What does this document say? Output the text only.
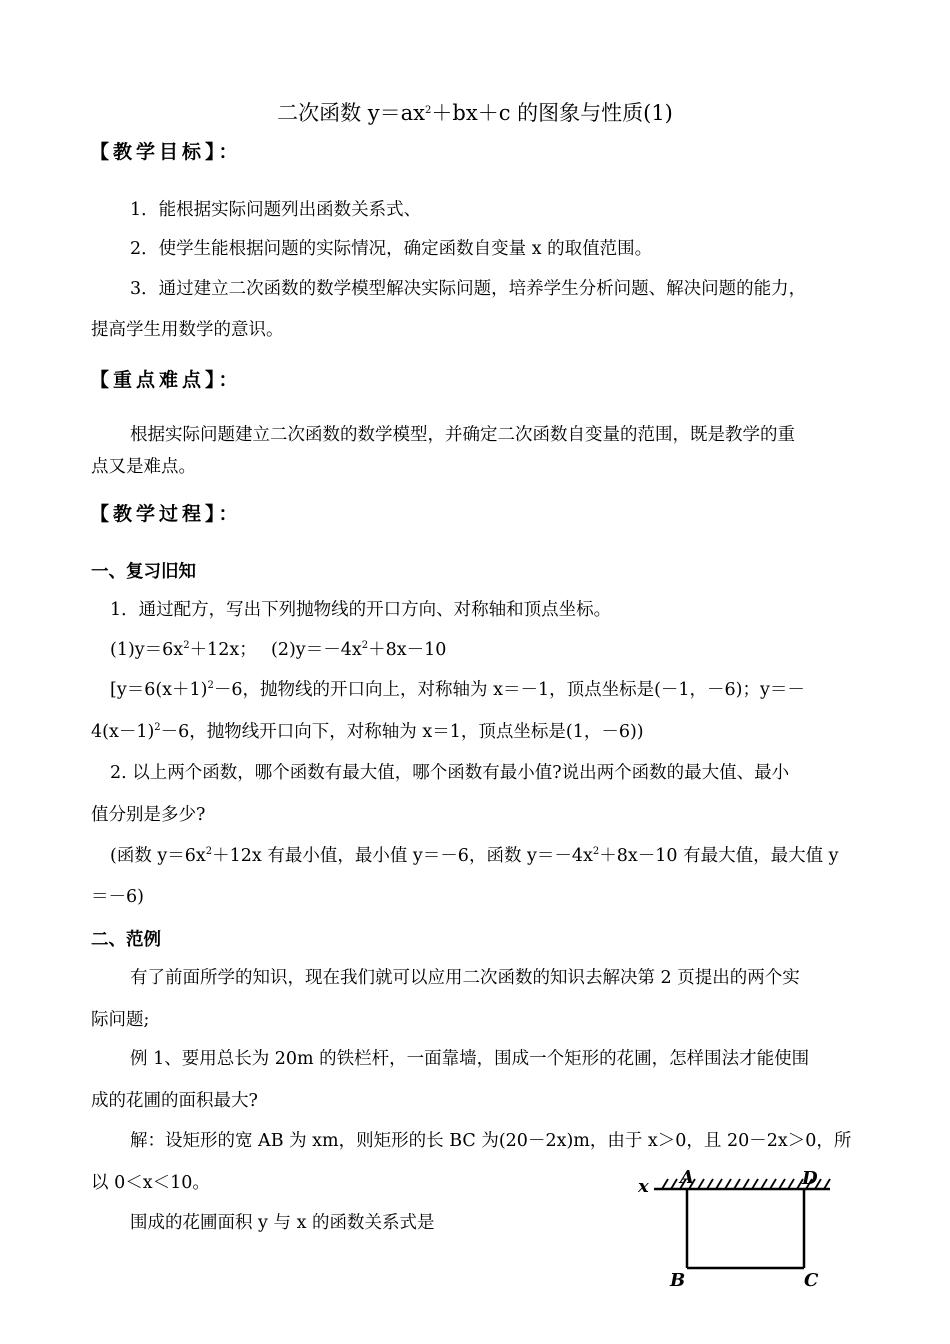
二次函数 $y=ax^2+bx+c$ 的图象与性质(1)
【教学目标】：
1．能根据实际问题列出函数关系式、
2．使学生能根据问题的实际情况，确定函数自变量 x 的取值范围。
3．通过建立二次函数的数学模型解决实际问题，培养学生分析问题、解决问题的能力，
提高学生用数学的意识。
【重点难点】：
根据实际问题建立二次函数的数学模型，并确定二次函数自变量的范围，既是教学的重
点又是难点。
【教学过程】：
一、复习旧知
1．通过配方，写出下列抛物线的开口方向、对称轴和顶点坐标。
$(1)y=6x^2+12x$；　 $(2)y=-4x^2+8x-10$
[$y=6(x+1)^2-6$，抛物线的开口向上，对称轴为 x＝－1，顶点坐标是(－1，－6)；y＝－
$4(x-1)^2-6$，抛物线开口向下，对称轴为 x＝1，顶点坐标是(1，－6))
2. 以上两个函数，哪个函数有最大值，哪个函数有最小值?说出两个函数的最大值、最小
值分别是多少?
(函数 $y=6x^2+12x$ 有最小值，最小值 y＝－6，函数 $y=-4x^2+8x-10$ 有最大值，最大值 y
＝－6)
二、范例
有了前面所学的知识，现在我们就可以应用二次函数的知识去解决第 2 页提出的两个实
际问题;
例 1、要用总长为 20m 的铁栏杆，一面靠墙，围成一个矩形的花圃，怎样围法才能使围
成的花圃的面积最大?
解：设矩形的宽 AB 为 xm，则矩形的长 BC 为(20－2x)m，由于 x＞0，且 20－2x＞0，所
以 0＜x＜10。
围成的花圃面积 y 与 x 的函数关系式是
x A	D
B	C
